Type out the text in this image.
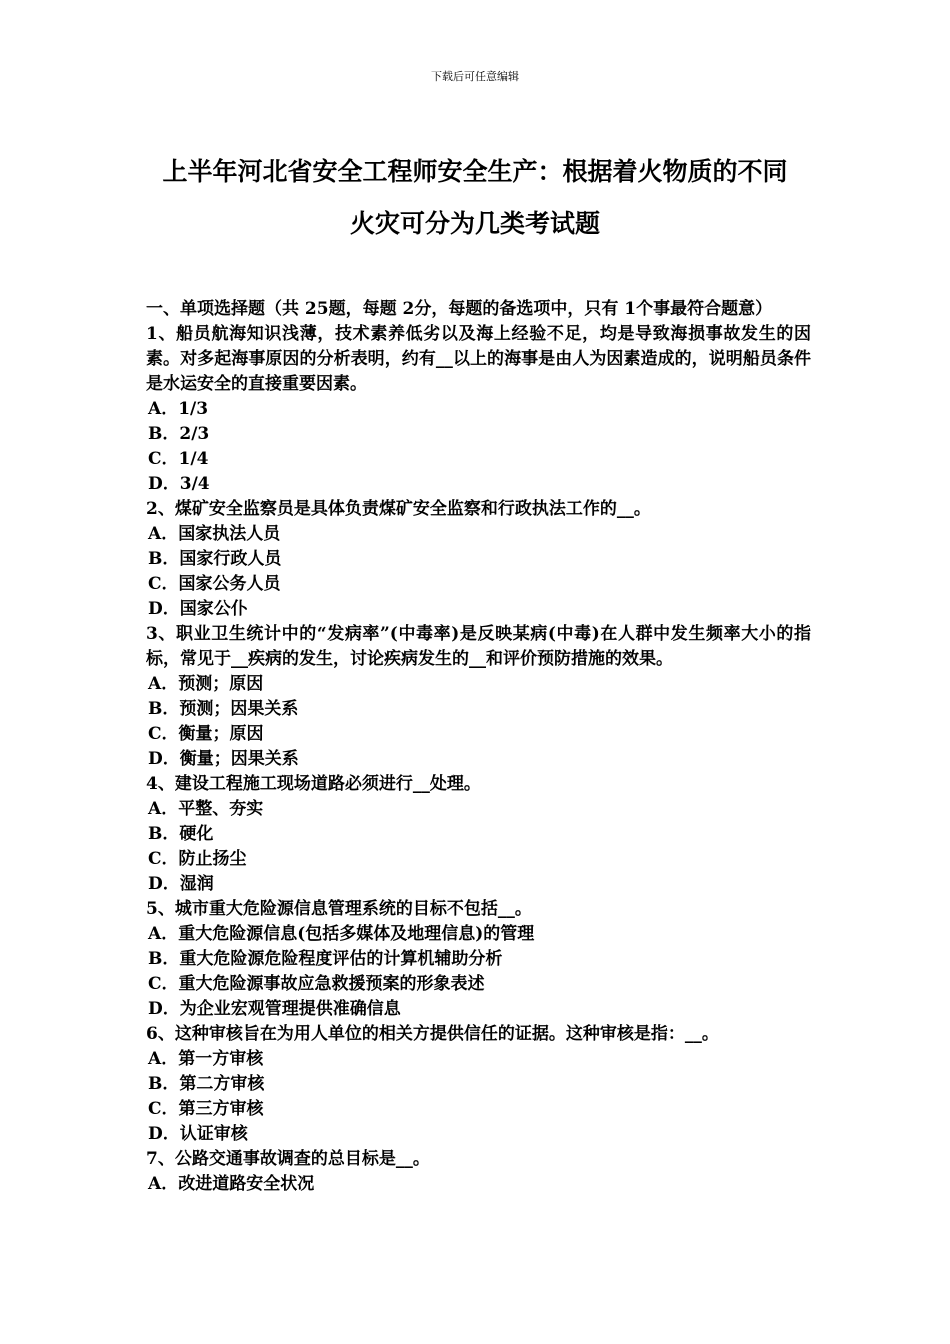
下载后可任意编辑
上半年河北省安全工程师安全生产：根据着火物质的不同
火灾可分为几类考试题

一、单项选择题（共 25题，每题 2分，每题的备选项中，只有 1个事最符合题意）

1、船员航海知识浅薄，技术素养低劣以及海上经验不足，均是导致海损事故发生的因素。对多起海事原因的分析表明，约有__以上的海事是由人为因素造成的，说明船员条件是水运安全的直接重要因素。

A．1/3

B．2/3

C．1/4

D．3/4

2、煤矿安全监察员是具体负责煤矿安全监察和行政执法工作的__。

A．国家执法人员

B．国家行政人员

C．国家公务人员

D．国家公仆

3、职业卫生统计中的“发病率”(中毒率)是反映某病(中毒)在人群中发生频率大小的指标，常见于__疾病的发生，讨论疾病发生的__和评价预防措施的效果。

A．预测；原因

B．预测；因果关系

C．衡量；原因

D．衡量；因果关系

4、建设工程施工现场道路必须进行__处理。

A．平整、夯实

B．硬化

C．防止扬尘

D．湿润

5、城市重大危险源信息管理系统的目标不包括__。

A．重大危险源信息(包括多媒体及地理信息)的管理

B．重大危险源危险程度评估的计算机辅助分析

C．重大危险源事故应急救援预案的形象表述

D．为企业宏观管理提供准确信息

6、这种审核旨在为用人单位的相关方提供信任的证据。这种审核是指：__。

A．第一方审核

B．第二方审核

C．第三方审核

D．认证审核

7、公路交通事故调查的总目标是__。

A．改进道路安全状况
